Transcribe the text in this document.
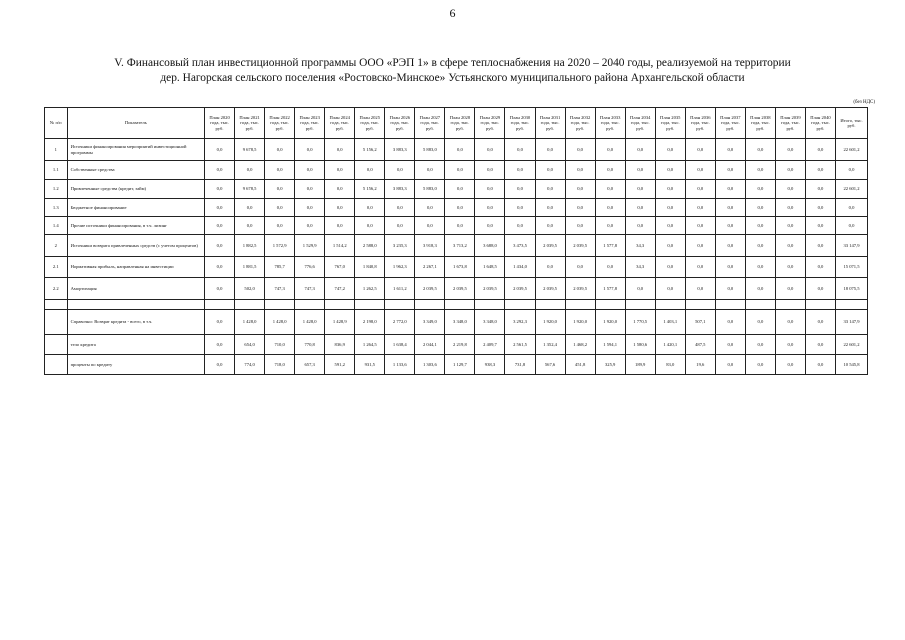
6
V. Финансовый план инвестиционной программы ООО «РЭП 1» в сфере теплоснабжения на 2020 – 2040 годы, реализуемой на территории
дер. Нагорская сельского поселения «Ростовско-Минское» Устьянского муниципального района Архангельской области
(без НДС)
№ п/п	Показатель	План 2020 года, тыс. руб.	План 2021 года, тыс. руб.	План 2022 года, тыс. руб.	План 2023 года, тыс. руб.	План 2024 года, тыс. руб.	План 2025 года, тыс. руб.	План 2026 года, тыс. руб.	План 2027 года, тыс. руб.	План 2028 года, тыс. руб.	План 2029 года, тыс. руб.	План 2030 года, тыс. руб.	План 2031 года, тыс. руб.	План 2032 года, тыс. руб.	План 2033 года, тыс. руб.	План 2034 года, тыс. руб.	План 2035 года, тыс. руб.	План 2036 года, тыс. руб.	План 2037 года, тыс. руб.	План 2038 года, тыс. руб.	План 2039 года, тыс. руб.	План 2040 года, тыс. руб.	Итого, тыс. руб.
1	Источники финансирования мероприятий инвестиционной программы	0,0	9 678,5	0,0	0,0	0,0	5 156,2	3 883,3	5 883,0	0,0	0,0	0,0	0,0	0,0	0,0	0,0	0,0	0,0	0,0	0,0	0,0	0,0	22 601,2
1.1	Собственные средства	0,0	0,0	0,0	0,0	0,0	0,0	0,0	0,0	0,0	0,0	0,0	0,0	0,0	0,0	0,0	0,0	0,0	0,0	0,0	0,0	0,0	0,0
1.2	Привлеченные средства (кредит, займ)	0,0	9 678,5	0,0	0,0	0,0	5 156,2	3 883,3	5 883,0	0,0	0,0	0,0	0,0	0,0	0,0	0,0	0,0	0,0	0,0	0,0	0,0	0,0	22 601,2
1.3	Бюджетное финансирование	0,0	0,0	0,0	0,0	0,0	0,0	0,0	0,0	0,0	0,0	0,0	0,0	0,0	0,0	0,0	0,0	0,0	0,0	0,0	0,0	0,0	0,0
1.4	Прочие источники финансирования, в т.ч. лизинг	0,0	0,0	0,0	0,0	0,0	0,0	0,0	0,0	0,0	0,0	0,0	0,0	0,0	0,0	0,0	0,0	0,0	0,0	0,0	0,0	0,0	0,0
2	Источники возврата привлеченных средств (с учетом процентов)	0,0	1 882,5	1 572,9	1 529,9	1 514,2	2 588,0	3 235,3	3 918,3	3 713,2	3 688,0	3 473,5	2 039,5	2 039,5	1 577,8	34,3	0,0	0,0	0,0	0,0	0,0	0,0	33 147,9
2.1	Нормативная прибыль, направленная на инвестиции	0,0	1 881,5	785,7	776,6	767,0	1 840,8	1 962,3	2 267,1	1 673,8	1 648,5	1 434,0	0,0	0,0	0,0	34,3	0,0	0,0	0,0	0,0	0,0	0,0	15 071,5
2.2	Амортизация	0,0	502,0	747,3	747,3	747,2	1 262,5	1 611,2	2 039,5	2 039,5	2 039,5	2 039,5	2 039,5	2 039,5	1 577,8	0,0	0,0	0,0	0,0	0,0	0,0	0,0	18 075,5

	Справочно: Возврат кредита - всего, в т.ч.	0,0	1 428,0	1 428,0	1 428,0	1 428,9	2 198,0	2 772,0	3 349,0	3 348,0	3 348,0	3 292,3	1 920,0	1 920,0	1 920,0	1 770,5	1 403,1	507,1	0,0	0,0	0,0	0,0	33 147,9
	тело кредита	0,0	654,0	710,0	770,8	836,9	1 264,5	1 638,4	2 044,1	2 219,8	2 409,7	2 561,5	1 352,4	1 468,2	1 594,1	1 580,6	1 420,1	487,5	0,0	0,0	0,0	0,0	22 601,2
	проценты по кредиту	0,0	774,0	718,0	657,3	591,2	931,5	1 133,6	1 303,6	1 129,7	938,3	731,8	567,6	451,8	325,9	189,9	83,0	19,6	0,0	0,0	0,0	0,0	10 545,8
